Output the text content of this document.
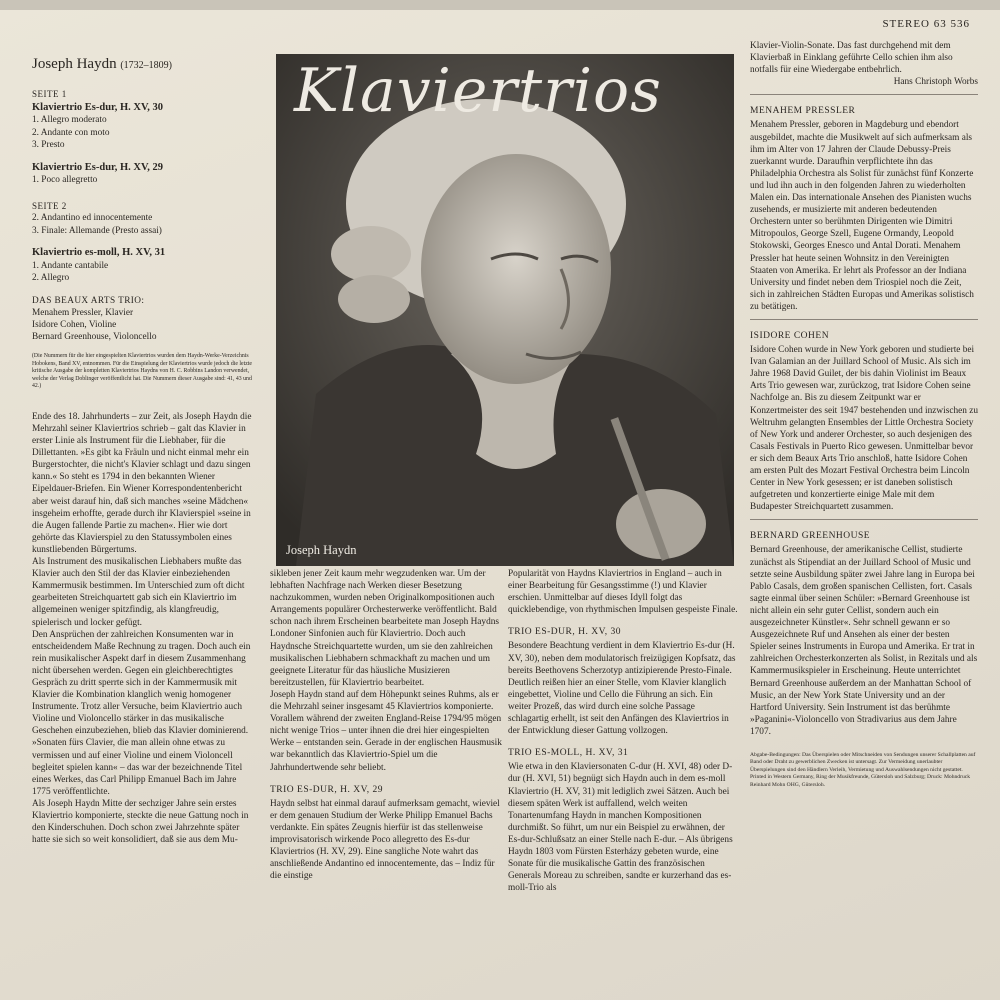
STEREO 63 536
Joseph Haydn (1732–1809)
SEITE 1
Klaviertrio Es-dur, H. XV, 30
1. Allegro moderato
2. Andante con moto
3. Presto
Klaviertrio Es-dur, H. XV, 29
1. Poco allegretto
SEITE 2
2. Andantino ed innocentemente
3. Finale: Allemande (Presto assai)
Klaviertrio es-moll, H. XV, 31
1. Andante cantabile
2. Allegro
DAS BEAUX ARTS TRIO:
Menahem Pressler, Klavier
Isidore Cohen, Violine
Bernard Greenhouse, Violoncello
(Die Nummern für die hier eingespielten Klaviertrios wurden dem Haydn-Werke-Verzeichnis Hobokens, Band XV, entnommen. Für die Einspielung der Klaviertrios wurde jedoch die letzte kritische Ausgabe der kompletten Klaviertrios Haydns von H. C. Robbins Landon verwendet, welche der Verlag Doblinger veröffentlicht hat. Die Nummern dieser Ausgabe sind: 41, 43 und 42.)

Ende des 18. Jahrhunderts – zur Zeit, als Joseph Haydn die Mehrzahl seiner Klaviertrios schrieb – galt das Klavier in erster Linie als Instrument für die Liebhaber, für die Dillettanten. »Es gibt ka Fräuln und nicht einmal mehr ein Burgerstochter, die nicht's Klavier schlagt und dazu singen kann.« So steht es 1794 in den bekannten Wiener Eipeldauer-Briefen. Ein Wiener Korrespondentenbericht aber weist darauf hin, daß sich manches »seine Mädchen« insgeheim erhoffte, gerade durch ihr Klavierspiel »seine in die Augen fallende Partie zu machen«. Hier wie dort gehörte das Klavierspiel zu den Statussymbolen eines kunstliebenden Bürgertums.

Als Instrument des musikalischen Liebhabers mußte das Klavier auch den Stil der das Klavier einbeziehenden Kammermusik bestimmen. Im Unterschied zum oft dicht gearbeiteten Streichquartett gab sich ein Klaviertrio im allgemeinen weniger spitzfindig, als klangfreudig, spielerisch und locker gefügt.

Den Ansprüchen der zahlreichen Konsumenten war in entscheidendem Maße Rechnung zu tragen. Doch auch ein rein musikalischer Aspekt darf in diesem Zusammenhang nicht übersehen werden. Gegen ein gleichberechtigtes Gespräch zu dritt sperrte sich in der Kammermusik mit Klavier die Kombination klanglich wenig homogener Instrumente. Trotz aller Versuche, beim Klaviertrio auch Violine und Violoncello stärker in das musikalische Geschehen einzubeziehen, blieb das Klavier dominierend. »Sonaten fürs Clavier, die man allein ohne etwas zu vermissen und auf einer Violine und einem Violoncell begleitet spielen kann« – das war der bezeichnende Titel eines Werkes, das Carl Philipp Emanuel Bach im Jahre 1775 veröffentlichte.

Als Joseph Haydn Mitte der sechziger Jahre sein erstes Klaviertrio komponierte, steckte die neue Gattung noch in den Kinderschuhen. Doch schon zwei Jahrzehnte später hatte sie sich so weit konsolidiert, daß sie aus dem Mu-

Klaviertrios
Joseph Haydn

sikleben jener Zeit kaum mehr wegzudenken war. Um der lebhaften Nachfrage nach Werken dieser Besetzung nachzukommen, wurden neben Originalkompositionen auch Arrangements populärer Orchesterwerke veröffentlicht. Bald schon nach ihrem Erscheinen bearbeitete man Joseph Haydns Londoner Sinfonien auch für Klaviertrio. Doch auch Haydnsche Streichquartette wurden, um sie den zahlreichen musikalischen Liebhabern schmackhaft zu machen und um geeignete Literatur für das häusliche Musizieren bereitzustellen, für Klaviertrio bearbeitet.

Joseph Haydn stand auf dem Höhepunkt seines Ruhms, als er die Mehrzahl seiner insgesamt 45 Klaviertrios komponierte. Vorallem während der zweiten England-Reise 1794/95 mögen nicht wenige Trios – unter ihnen die drei hier eingespielten Werke – entstanden sein. Gerade in der englischen Hausmusik war bekanntlich das Klaviertrio-Spiel um die Jahrhundertwende sehr beliebt.

TRIO ES-DUR, H. XV, 29

Haydn selbst hat einmal darauf aufmerksam gemacht, wieviel er dem genauen Studium der Werke Philipp Emanuel Bachs verdankte. Ein spätes Zeugnis hierfür ist das stellenweise improvisatorisch wirkende Poco allegretto des Es-dur Klaviertrios (H. XV, 29). Eine sangliche Note wahrt das anschließende Andantino ed innocentemente, das – Indiz für die einstige

Popularität von Haydns Klaviertrios in England – auch in einer Bearbeitung für Gesangsstimme (!) und Klavier erschien. Unmittelbar auf dieses Idyll folgt das quicklebendige, von rhythmischen Impulsen gespeiste Finale.

TRIO ES-DUR, H. XV, 30

Besondere Beachtung verdient in dem Klaviertrio Es-dur (H. XV, 30), neben dem modulatorisch freizügigen Kopfsatz, das bereits Beethovens Scherzotyp antizipierende Presto-Finale. Deutlich reißen hier an einer Stelle, vom Klavier klanglich eingebettet, Violine und Cello die Führung an sich. Ein weiter Prozeß, das wird durch eine solche Passage schlagartig erhellt, ist seit den Anfängen des Klaviertrios in der Entwicklung dieser Gattung vollzogen.

TRIO ES-MOLL, H. XV, 31

Wie etwa in den Klaviersonaten C-dur (H. XVI, 48) oder D-dur (H. XVI, 51) begnügt sich Haydn auch in dem es-moll Klaviertrio (H. XV, 31) mit lediglich zwei Sätzen. Auch bei diesem späten Werk ist auffallend, welch weiten Tonartenumfang Haydn in manchen Kompositionen durchmißt. So führt, um nur ein Beispiel zu erwähnen, der Es-dur-Schlußsatz an einer Stelle nach E-dur. – Als übrigens Haydn 1803 vom Fürsten Esterházy gebeten wurde, eine Sonate für die musikalische Gattin des französischen Generals Moreau zu schreiben, sandte er kurzerhand das es-moll-Trio als

Klavier-Violin-Sonate. Das fast durchgehend mit dem Klavierbaß in Einklang geführte Cello schien ihm also notfalls für eine Wiedergabe entbehrlich.

Hans Christoph Worbs

MENAHEM PRESSLER

Menahem Pressler, geboren in Magdeburg und ebendort ausgebildet, machte die Musikwelt auf sich aufmerksam als ihm im Alter von 17 Jahren der Claude Debussy-Preis zuerkannt wurde. Daraufhin verpflichtete ihn das Philadelphia Orchestra als Solist für zunächst fünf Konzerte und lud ihn auch in den folgenden Jahren zu wiederholten Malen ein. Das internationale Ansehen des Pianisten wuchs zusehends, er musizierte mit anderen bedeutenden Orchestern unter so berühmten Dirigenten wie Dimitri Mitropoulos, George Szell, Eugene Ormandy, Leopold Stokowski, Georges Enesco und Antal Dorati. Menahem Pressler hat heute seinen Wohnsitz in den Vereinigten Staaten von Amerika. Er lehrt als Professor an der Indiana University und findet neben dem Triospiel noch die Zeit, sich in zahlreichen Städten Europas und Amerikas solistisch zu betätigen.

ISIDORE COHEN

Isidore Cohen wurde in New York geboren und studierte bei Ivan Galamian an der Juillard School of Music. Als sich im Jahre 1968 David Guilet, der bis dahin Violinist im Beaux Arts Trio gewesen war, zurückzog, trat Isidore Cohen seine Nachfolge an. Bis zu diesem Zeitpunkt war er Konzertmeister des seit 1947 bestehenden und inzwischen zu Weltruhm gelangten Ensembles der Little Orchestra Society of New York und anderer Orchester, so auch desjenigen des Casals Festivals in Puerto Rico gewesen. Unmittelbar bevor er sich dem Beaux Arts Trio anschloß, hatte Isidore Cohen am ersten Pult des Mozart Festival Orchestra beim Lincoln Center in New York gesessen; er ist daneben solistisch aufgetreten und konzertierte einige Male mit dem Budapester Streichquartett zusammen.

BERNARD GREENHOUSE

Bernard Greenhouse, der amerikanische Cellist, studierte zunächst als Stipendiat an der Juillard School of Music und setzte seine Ausbildung später zwei Jahre lang in Europa bei Pablo Casals, dem großen spanischen Cellisten, fort. Casals sagte einmal über seinen Schüler: »Bernard Greenhouse ist nicht allein ein sehr guter Cellist, sondern auch ein ausgezeichneter Künstler«. Sehr schnell gewann er so Ausgezeichnete Ruf und Ansehen als einer der besten Spieler seines Instruments in Europa und Amerika. Er trat in zahlreichen Orchesterkonzerten als Solist, in Rezitals und als Kammermusikspieler in Erscheinung. Heute unterrichtet Bernard Greenhouse außerdem an der Manhattan School of Music, an der New York State University und an der Hartford University. Sein Instrument ist das berühmte »Paganini«-Violoncello von Stradivarius aus dem Jahre 1707.

Abgabe-Bedingungen: Das Überspielen oder Mitschneiden von Sendungen unserer Schallplatten auf Band oder Draht zu gewerblichen Zwecken ist untersagt. Zur Vermeidung unerlaubter Überspielungen sind den Händlern Verleih, Vermietung und Auswahlsendungen nicht gestattet. Printed in Western Germany, Ring der Musikfreunde, Gütersloh und Salzburg; Druck: Mohndruck Reinhard Mohn OHG, Gütersloh.
